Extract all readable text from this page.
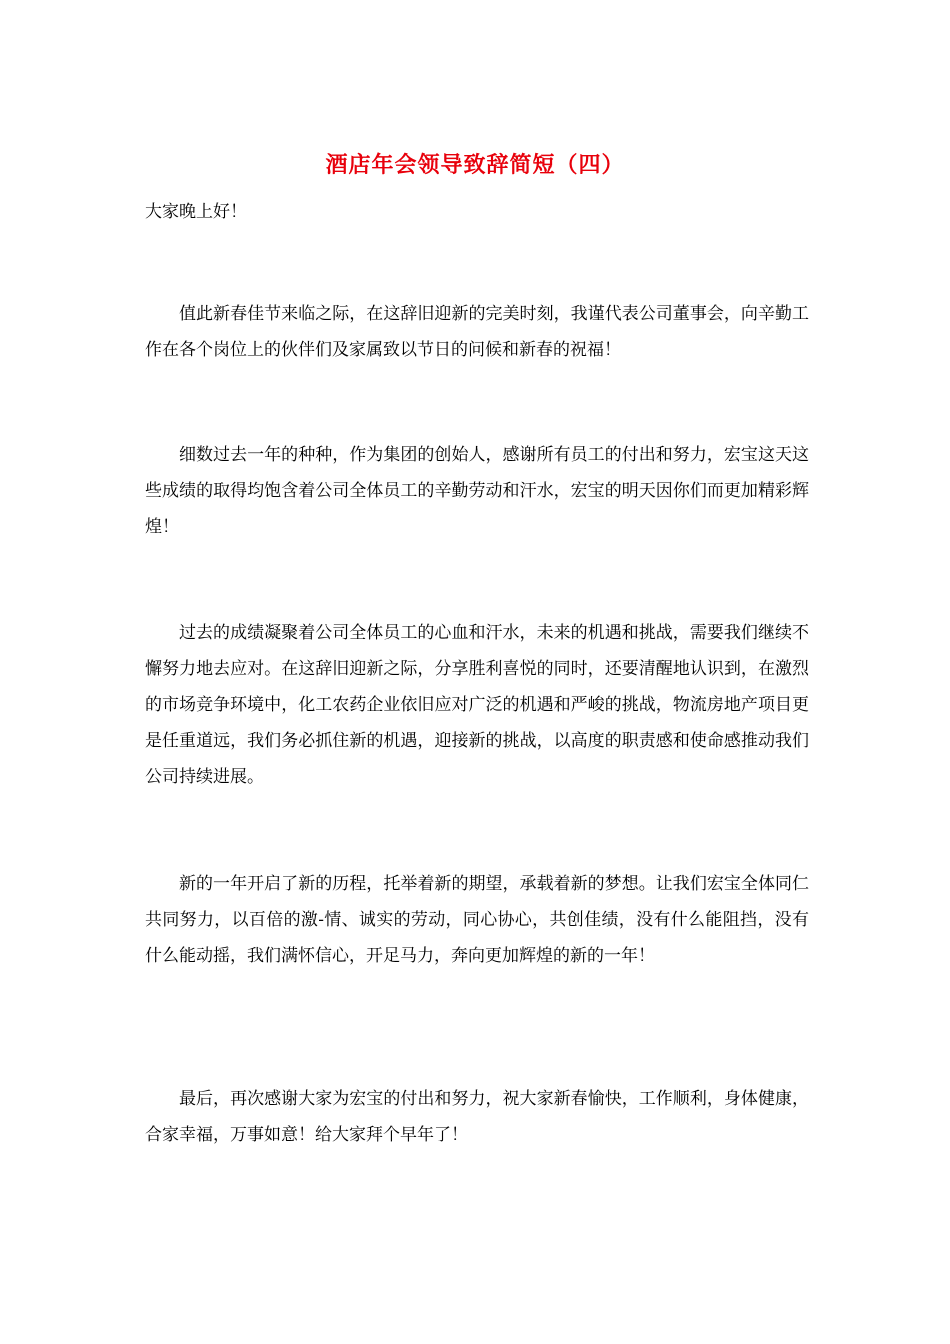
酒店年会领导致辞简短（四）
大家晚上好！

值此新春佳节来临之际，在这辞旧迎新的完美时刻，我谨代表公司董事会，向辛勤工作在各个岗位上的伙伴们及家属致以节日的问候和新春的祝福！

细数过去一年的种种，作为集团的创始人，感谢所有员工的付出和努力，宏宝这天这些成绩的取得均饱含着公司全体员工的辛勤劳动和汗水，宏宝的明天因你们而更加精彩辉煌！

过去的成绩凝聚着公司全体员工的心血和汗水，未来的机遇和挑战，需要我们继续不懈努力地去应对。在这辞旧迎新之际，分享胜利喜悦的同时，还要清醒地认识到，在激烈的市场竞争环境中，化工农药企业依旧应对广泛的机遇和严峻的挑战，物流房地产项目更是任重道远，我们务必抓住新的机遇，迎接新的挑战，以高度的职责感和使命感推动我们公司持续进展。

新的一年开启了新的历程，托举着新的期望，承载着新的梦想。让我们宏宝全体同仁共同努力，以百倍的激-情、诚实的劳动，同心协心，共创佳绩，没有什么能阻挡，没有什么能动摇，我们满怀信心，开足马力，奔向更加辉煌的新的一年！

最后，再次感谢大家为宏宝的付出和努力，祝大家新春愉快，工作顺利，身体健康，合家幸福，万事如意！给大家拜个早年了！
